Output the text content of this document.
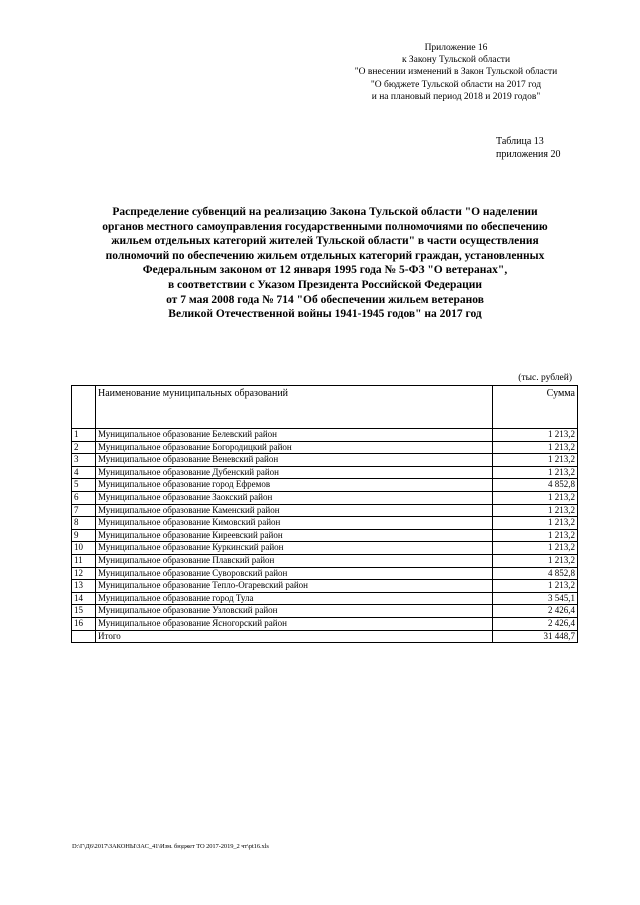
Приложение 16
к Закону Тульской области
"О внесении изменений в Закон Тульской области
"О бюджете Тульской области на 2017 год
и на плановый период 2018 и 2019 годов"
Таблица 13
приложения 20
Распределение субвенций на реализацию Закона Тульской области "О наделении
органов местного самоуправления государственными полномочиями по обеспечению
жильем отдельных категорий жителей Тульской области" в части осуществления
полномочий по обеспечению жильем отдельных категорий граждан, установленных
Федеральным законом от 12 января 1995 года № 5-ФЗ "О ветеранах",
в соответствии с Указом Президента Российской Федерации
от 7 мая 2008 года № 714 "Об обеспечении жильем ветеранов
Великой Отечественной войны 1941-1945 годов" на 2017 год
(тыс. рублей)
	Наименование муниципальных образований	Сумма
1	Муниципальное образование Белевский район	1 213,2
2	Муниципальное образование Богородицкий район	1 213,2
3	Муниципальное образование Веневский район	1 213,2
4	Муниципальное образование Дубенский район	1 213,2
5	Муниципальное образование город Ефремов	4 852,8
6	Муниципальное образование Заокский район	1 213,2
7	Муниципальное образование Каменский район	1 213,2
8	Муниципальное образование Кимовский район	1 213,2
9	Муниципальное образование Киреевский район	1 213,2
10	Муниципальное образование Куркинский район	1 213,2
11	Муниципальное образование Плавский район	1 213,2
12	Муниципальное образование Суворовский район	4 852,8
13	Муниципальное образование Тепло-Огаревский район	1 213,2
14	Муниципальное образование город Тула	3 545,1
15	Муниципальное образование Узловский район	2 426,4
16	Муниципальное образование Ясногорский район	2 426,4
	Итого	31 448,7
D:\Г\Д6\2017\ЗАКОНЫ\ЗАС_41\Изм. бюджет ТО 2017-2019_2 чт\pt16.xls
